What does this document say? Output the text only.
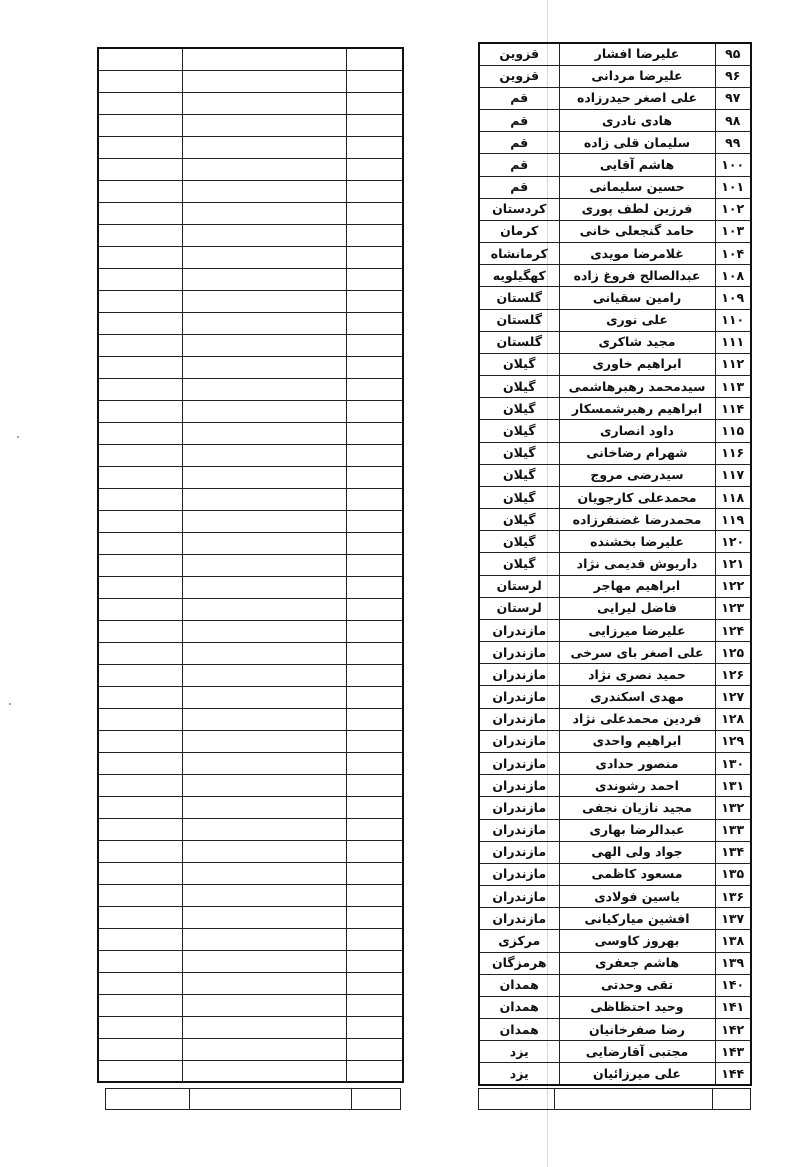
قزوین	علیرضا افشار	۹۵
قزوین	علیرضا مردانی	۹۶
قم	علی اصغر حیدرزاده	۹۷
قم	هادی نادری	۹۸
قم	سلیمان قلی زاده	۹۹
قم	هاشم آقایی	۱۰۰
قم	حسین سلیمانی	۱۰۱
کردستان	فرزین لطف پوری	۱۰۲
کرمان	حامد گنجعلی خانی	۱۰۳
کرمانشاه	غلامرضا مویدی	۱۰۴
کهگیلویه	عبدالصالح فروغ زاده	۱۰۸
گلستان	رامین سقیانی	۱۰۹
گلستان	علی نوری	۱۱۰
گلستان	مجید شاکری	۱۱۱
گیلان	ابراهیم خاوری	۱۱۲
گیلان	سیدمحمد رهبرهاشمی	۱۱۳
گیلان	ابراهیم رهبرشمسکار	۱۱۴
گیلان	داود انصاری	۱۱۵
گیلان	شهرام رضاخانی	۱۱۶
گیلان	سیدرضی مروج	۱۱۷
گیلان	محمدعلی کارجویان	۱۱۸
گیلان	محمدرضا غضنفرزاده	۱۱۹
گیلان	علیرضا بخشنده	۱۲۰
گیلان	داریوش قدیمی نژاد	۱۲۱
لرستان	ابراهیم مهاجر	۱۲۲
لرستان	فاضل لیرایی	۱۲۳
مازندران	علیرضا میرزایی	۱۲۴
مازندران	علی اصغر بای سرخی	۱۲۵
مازندران	حمید نصری نژاد	۱۲۶
مازندران	مهدی اسکندری	۱۲۷
مازندران	فردین محمدعلی نژاد	۱۲۸
مازندران	ابراهیم واحدی	۱۲۹
مازندران	منصور حدادی	۱۳۰
مازندران	احمد رشوندی	۱۳۱
مازندران	مجید نازیان نجفی	۱۳۲
مازندران	عبدالرضا بهاری	۱۳۳
مازندران	جواد ولی الهی	۱۳۴
مازندران	مسعود کاظمی	۱۳۵
مازندران	یاسین فولادی	۱۳۶
مازندران	افشین میارکیانی	۱۳۷
مرکزی	بهروز کاوسی	۱۳۸
هرمزگان	هاشم جعفری	۱۳۹
همدان	تقی وحدتی	۱۴۰
همدان	وحید احتظاظی	۱۴۱
همدان	رضا صفرخانیان	۱۴۲
یزد	مجتبی آقارضایی	۱۴۳
یزد	علی میرزائیان	۱۴۴
